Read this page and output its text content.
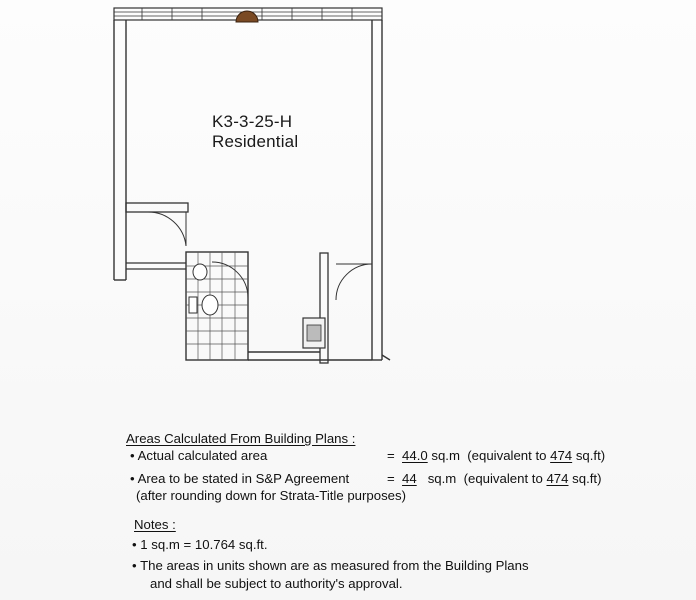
K3-3-25-H
Residential
Areas Calculated From Building Plans :
• Actual calculated area	= 44.0 sq.m (equivalent to 474 sq.ft)
• Area to be stated in S&P Agreement	= 44 sq.m (equivalent to 474 sq.ft)
(after rounding down for Strata-Title purposes)
Notes :
• 1 sq.m = 10.764 sq.ft.
• The areas in units shown are as measured from the Building Plans
and shall be subject to authority's approval.
